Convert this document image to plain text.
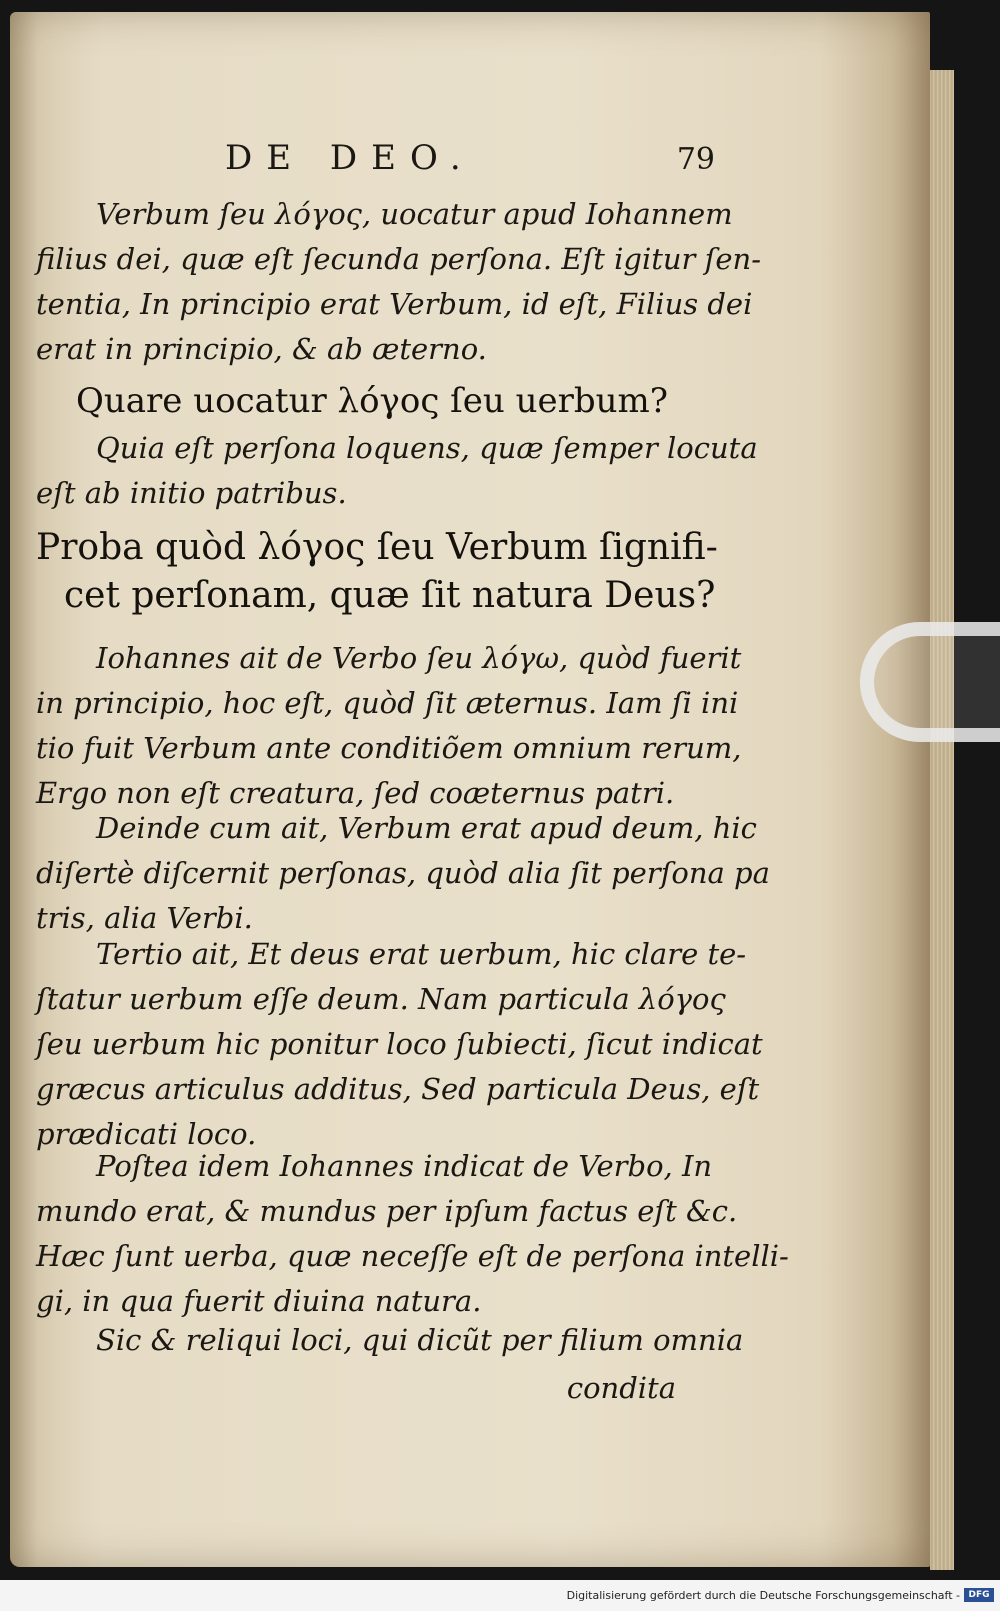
DE DEO.	79
Verbum ſeu λόγος, uocatur apud Iohannem
filius dei, quæ eſt ſecunda perſona. Eſt igitur ſen-
tentia, In principio erat Verbum, id eſt, Filius dei
erat in principio, & ab æterno.
Quare uocatur λόγος ſeu uerbum?
Quia eſt perſona loquens, quæ ſemper locuta
eſt ab initio patribus.
Proba quòd λόγος ſeu Verbum ſignifi-
cet perſonam, quæ ſit natura Deus?
Iohannes ait de Verbo ſeu λόγω, quòd fuerit
in principio, hoc eſt, quòd ſit æternus. Iam ſi ini
tio fuit Verbum ante conditiõem omnium rerum,
Ergo non eſt creatura, ſed coæternus patri.
Deinde cum ait, Verbum erat apud deum, hic
diſertè diſcernit perſonas, quòd alia ſit perſona pa
tris, alia Verbi.
Tertio ait, Et deus erat uerbum, hic clare te-
ſtatur uerbum eſſe deum. Nam particula λόγος
ſeu uerbum hic ponitur loco ſubiecti, ſicut indicat
græcus articulus additus, Sed particula Deus, eſt
prædicati loco.
Poſtea idem Iohannes indicat de Verbo, In
mundo erat, & mundus per ipſum factus eſt &c.
Hæc ſunt uerba, quæ neceſſe eſt de perſona intelli-
gi, in qua fuerit diuina natura.
Sic & reliqui loci, qui dicũt per filium omnia
condita
Digitalisierung gefördert durch die Deutsche Forschungsgemeinschaft - DFG
